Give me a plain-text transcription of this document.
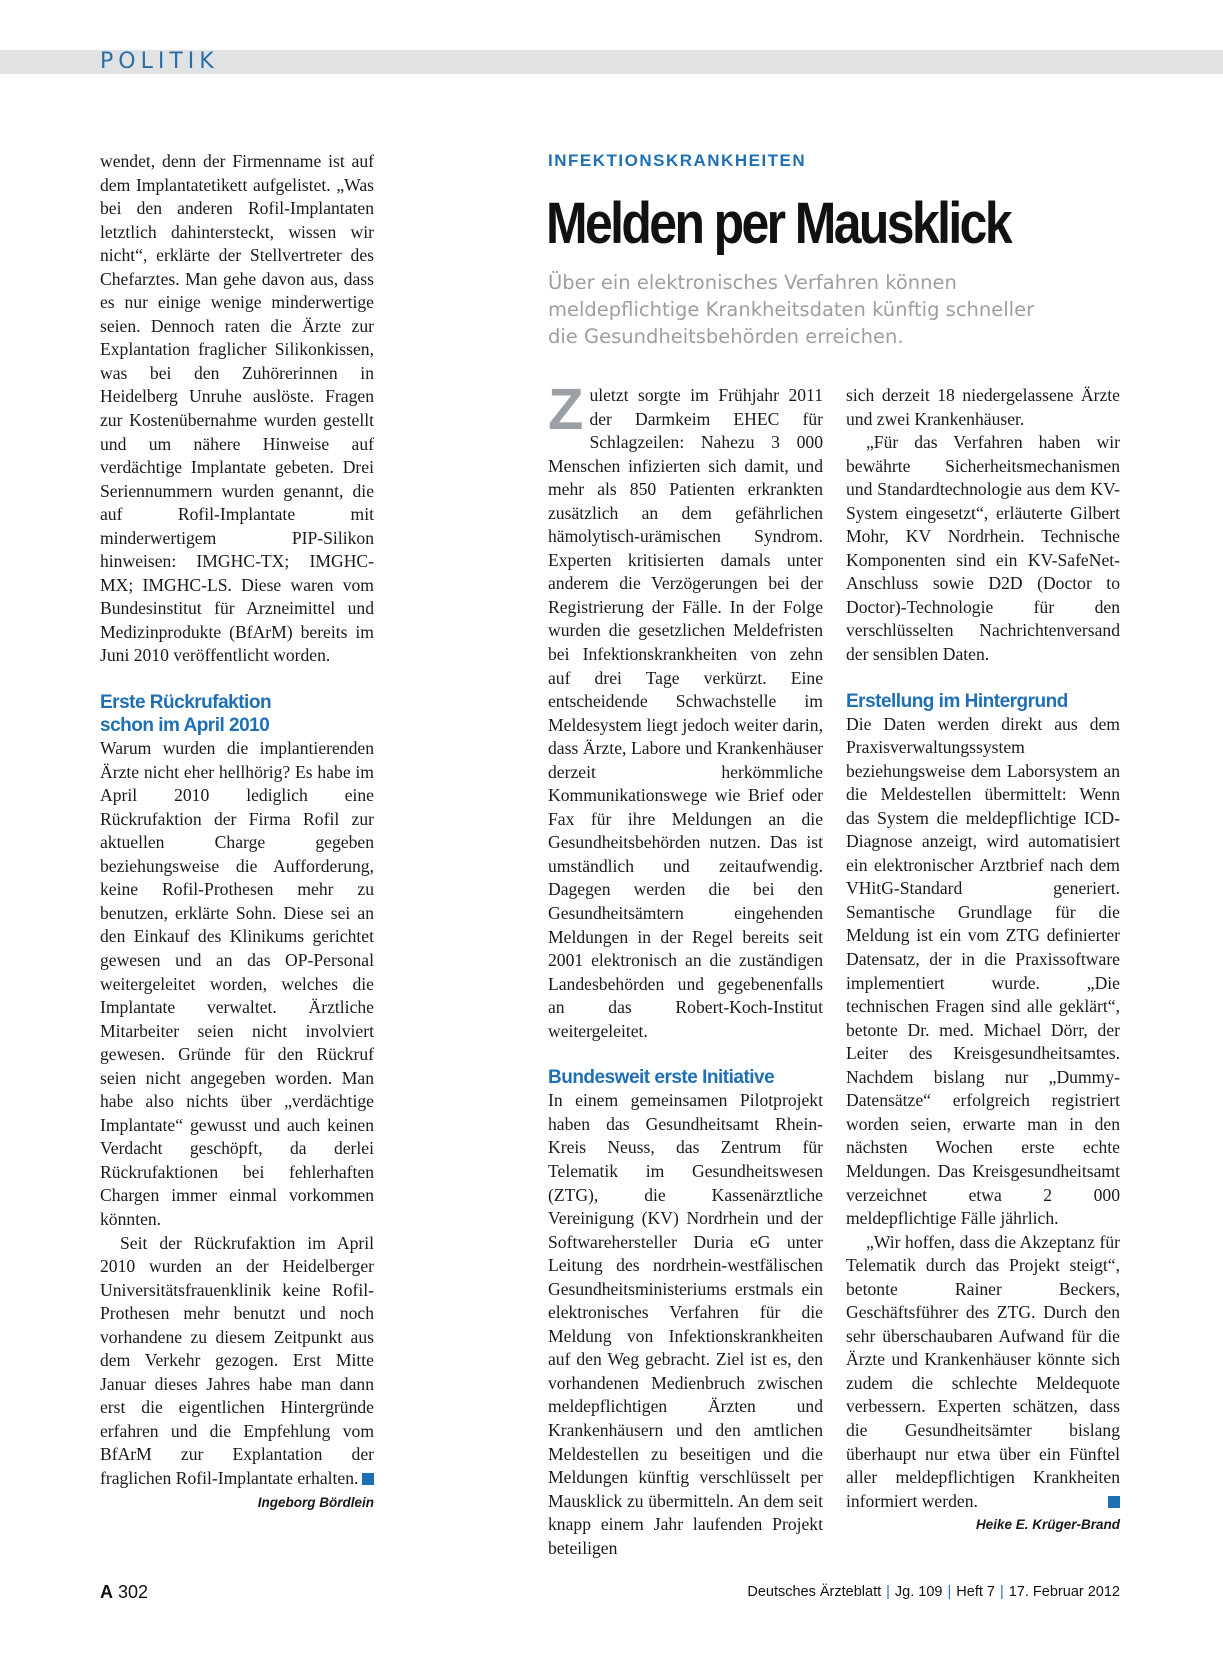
POLITIK

wendet, denn der Firmenname ist auf dem Implantatetikett aufgelistet. „Was bei den anderen Rofil-Implantaten letztlich dahintersteckt, wissen wir nicht“, erklärte der Stellvertreter des Chefarztes. Man gehe davon aus, dass es nur einige wenige minderwertige seien. Dennoch raten die Ärzte zur Explantation fraglicher Silikonkissen, was bei den Zuhörerinnen in Heidelberg Unruhe auslöste. Fragen zur Kostenübernahme wurden gestellt und um nähere Hinweise auf verdächtige Implantate gebeten. Drei Seriennummern wurden genannt, die auf Rofil-Implantate mit minderwertigem PIP-Silikon hinweisen: IMGHC-TX; IMGHC-MX; IMGHC-LS. Diese waren vom Bundesinstitut für Arzneimittel und Medizinprodukte (BfArM) bereits im Juni 2010 veröffentlicht worden.

Erste Rückrufaktion
schon im April 2010

Warum wurden die implantierenden Ärzte nicht eher hellhörig? Es habe im April 2010 lediglich eine Rückrufaktion der Firma Rofil zur aktuellen Charge gegeben beziehungsweise die Aufforderung, keine Rofil-Prothesen mehr zu benutzen, erklärte Sohn. Diese sei an den Einkauf des Klinikums gerichtet gewesen und an das OP-Personal weitergeleitet worden, welches die Implantate verwaltet. Ärztliche Mitarbeiter seien nicht involviert gewesen. Gründe für den Rückruf seien nicht angegeben worden. Man habe also nichts über „verdächtige Implantate“ gewusst und auch keinen Verdacht geschöpft, da derlei Rückrufaktionen bei fehlerhaften Chargen immer einmal vorkommen könnten.

Seit der Rückrufaktion im April 2010 wurden an der Heidelberger Universitätsfrauenklinik keine Rofil-Prothesen mehr benutzt und noch vorhandene zu diesem Zeitpunkt aus dem Verkehr gezogen. Erst Mitte Januar dieses Jahres habe man dann erst die eigentlichen Hintergründe erfahren und die Empfehlung vom BfArM zur Explantation der fraglichen Rofil-Implantate erhalten.

Ingeborg Bördlein
INFEKTIONSKRANKHEITEN
Melden per Mausklick
Über ein elektronisches Verfahren können
meldepflichtige Krankheitsdaten künftig schneller
die Gesundheitsbehörden erreichen.

Zuletzt sorgte im Frühjahr 2011 der Darmkeim EHEC für Schlagzeilen: Nahezu 3 000 Menschen infizierten sich damit, und mehr als 850 Patienten erkrankten zusätzlich an dem gefährlichen hämolytisch-urämischen Syndrom. Experten kritisierten damals unter anderem die Verzögerungen bei der Registrierung der Fälle. In der Folge wurden die gesetzlichen Meldefristen bei Infektionskrankheiten von zehn auf drei Tage verkürzt. Eine entscheidende Schwachstelle im Meldesystem liegt jedoch weiter darin, dass Ärzte, Labore und Krankenhäuser derzeit herkömmliche Kommunikationswege wie Brief oder Fax für ihre Meldungen an die Gesundheitsbehörden nutzen. Das ist umständlich und zeitaufwendig. Dagegen werden die bei den Gesundheitsämtern eingehenden Meldungen in der Regel bereits seit 2001 elektronisch an die zuständigen Landesbehörden und gegebenenfalls an das Robert-Koch-Institut weitergeleitet.

Bundesweit erste Initiative

In einem gemeinsamen Pilotprojekt haben das Gesundheitsamt Rhein-Kreis Neuss, das Zentrum für Telematik im Gesundheitswesen (ZTG), die Kassenärztliche Vereinigung (KV) Nordrhein und der Softwarehersteller Duria eG unter Leitung des nordrhein-westfälischen Gesundheitsministeriums erstmals ein elektronisches Verfahren für die Meldung von Infektionskrankheiten auf den Weg gebracht. Ziel ist es, den vorhandenen Medienbruch zwischen meldepflichtigen Ärzten und Krankenhäusern und den amtlichen Meldestellen zu beseitigen und die Meldungen künftig verschlüsselt per Mausklick zu übermitteln. An dem seit knapp einem Jahr laufenden Projekt beteiligen

sich derzeit 18 niedergelassene Ärzte und zwei Krankenhäuser.

„Für das Verfahren haben wir bewährte Sicherheitsmechanismen und Standardtechnologie aus dem KV-System eingesetzt“, erläuterte Gilbert Mohr, KV Nordrhein. Technische Komponenten sind ein KV-SafeNet-Anschluss sowie D2D (Doctor to Doctor)-Technologie für den verschlüsselten Nachrichtenversand der sensiblen Daten.

Erstellung im Hintergrund

Die Daten werden direkt aus dem Praxisverwaltungssystem beziehungsweise dem Laborsystem an die Meldestellen übermittelt: Wenn das System die meldepflichtige ICD-Diagnose anzeigt, wird automatisiert ein elektronischer Arztbrief nach dem VHitG-Standard generiert. Semantische Grundlage für die Meldung ist ein vom ZTG definierter Datensatz, der in die Praxissoftware implementiert wurde. „Die technischen Fragen sind alle geklärt“, betonte Dr. med. Michael Dörr, der Leiter des Kreisgesundheitsamtes. Nachdem bislang nur „Dummy-Datensätze“ erfolgreich registriert worden seien, erwarte man in den nächsten Wochen erste echte Meldungen. Das Kreisgesundheitsamt verzeichnet etwa 2 000 meldepflichtige Fälle jährlich.

„Wir hoffen, dass die Akzeptanz für Telematik durch das Projekt steigt“, betonte Rainer Beckers, Geschäftsführer des ZTG. Durch den sehr überschaubaren Aufwand für die Ärzte und Krankenhäuser könnte sich zudem die schlechte Meldequote verbessern. Experten schätzen, dass die Gesundheitsämter bislang überhaupt nur etwa über ein Fünftel aller meldepflichtigen Krankheiten informiert werden.

Heike E. Krüger-Brand
A 302	Deutsches Ärzteblatt | Jg. 109 | Heft 7 | 17. Februar 2012
